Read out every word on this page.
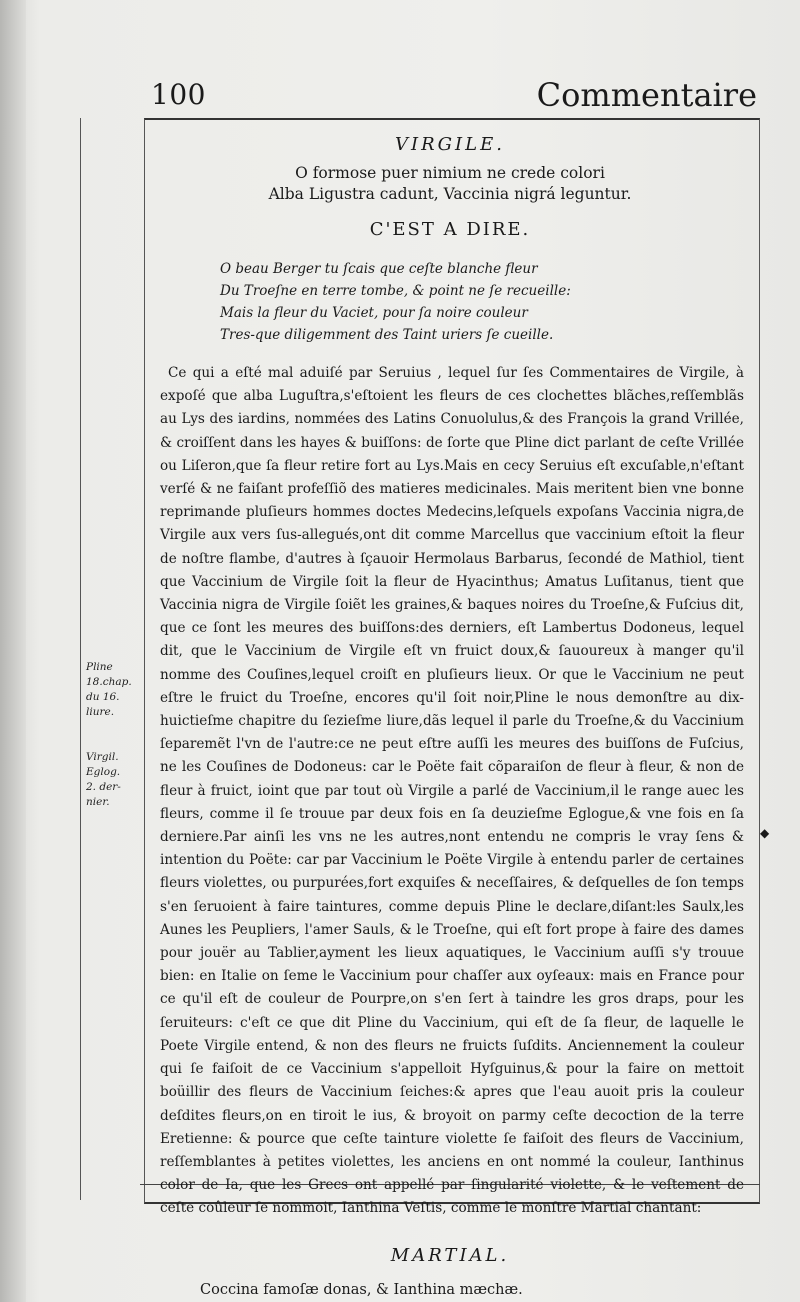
100	Commentaire
Pline
18.chap.
du 16.
liure.
Virgil.
Eglog.
2. der-
nier.
◆
VIRGILE.
O formose puer nimium ne crede colori
Alba Ligustra cadunt, Vaccinia nigrá leguntur.
C'EST A DIRE.
O beau Berger tu ſcais que ceſte blanche fleur
Du Troeſne en terre tombe, & point ne ſe recueille:
Mais la fleur du Vaciet, pour ſa noire couleur
Tres-que diligemment des Taint uriers ſe cueille.

Ce qui a eſté mal aduiſé par Seruius , lequel ſur ſes Commentaires de Virgile, à expoſé que alba Luguſtra,s'eſtoient les fleurs de ces clochettes blãches,reſſemblãs au Lys des iardins, nommées des Latins Conuolulus,& des François la grand Vrillée, & croiſſent dans les hayes & buiſſons: de ſorte que Pline dict parlant de ceſte Vrillée ou Liſeron,que ſa fleur retire fort au Lys.Mais en cecy Seruius eſt excuſable,n'eſtant verſé & ne faiſant profeſſiõ des matieres medicinales. Mais meritent bien vne bonne reprimande pluſieurs hommes doctes Medecins,leſquels expoſans Vaccinia nigra,de Virgile aux vers ſus-allegués,ont dit comme Marcellus que vaccinium eſtoit la fleur de noſtre flambe, d'autres à ſçauoir Hermolaus Barbarus, ſecondé de Mathiol, tient que Vaccinium de Virgile ſoit la fleur de Hyacinthus; Amatus Luſitanus, tient que Vaccinia nigra de Virgile ſoiẽt les graines,& baques noires du Troeſne,& Fuſcius dit, que ce ſont les meures des buiſſons:des derniers, eſt Lambertus Dodoneus, lequel dit, que le Vaccinium de Virgile eſt vn fruict doux,& ſauoureux à manger qu'il nomme des Couſines,lequel croiſt en pluſieurs lieux. Or que le Vaccinium ne peut eſtre le fruict du Troeſne, encores qu'il ſoit noir,Pline le nous demonſtre au dix-huictieſme chapitre du ſezieſme liure,dãs lequel il parle du Troeſne,& du Vaccinium ſeparemẽt l'vn de l'autre:ce ne peut eſtre auſſi les meures des buiſſons de Fuſcius, ne les Couſines de Dodoneus: car le Poëte fait cõparaiſon de fleur à fleur, & non de fleur à fruict, ioint que par tout où Virgile a parlé de Vaccinium,il le range auec les fleurs, comme il ſe trouue par deux fois en ſa deuzieſme Eglogue,& vne fois en ſa derniere.Par ainſi les vns ne les autres,nont entendu ne compris le vray ſens & intention du Poëte: car par Vaccinium le Poëte Virgile à entendu parler de certaines fleurs violettes, ou purpurées,fort exquiſes & neceſſaires, & deſquelles de ſon temps s'en ſeruoient à faire taintures, comme depuis Pline le declare,diſant:les Saulx,les Aunes les Peupliers, l'amer Sauls, & le Troeſne, qui eſt fort prope à faire des dames pour jouër au Tablier,ayment les lieux aquatiques, le Vaccinium auſſi s'y trouue bien: en Italie on ſeme le Vaccinium pour chaſſer aux oyſeaux: mais en France pour ce qu'il eſt de couleur de Pourpre,on s'en ſert à taindre les gros draps, pour les ſeruiteurs: c'eſt ce que dit Pline du Vaccinium, qui eſt de ſa fleur, de laquelle le Poete Virgile entend, & non des fleurs ne fruicts ſuſdits. Anciennement la couleur qui ſe faiſoit de ce Vaccinium s'appelloit Hyſguinus,& pour la faire on mettoit boüillir des fleurs de Vaccinium ſeiches:& apres que l'eau auoit pris la couleur deſdites fleurs,on en tiroit le ius, & broyoit on parmy ceſte decoction de la terre Eretienne: & pource que ceſte tainture violette ſe faiſoit des fleurs de Vaccinium, reſſemblantes à petites violettes, les anciens en ont nommé la couleur, Ianthinus color de Ia, que les Grecs ont appellé par ſingularité violette, & le veſtement de ceſte coûleur ſe nommoit, Ianthina Veſtis, comme le monſtre Martial chantant:

MARTIAL.
Coccina famoſæ donas, & Ianthina mæchæ.
